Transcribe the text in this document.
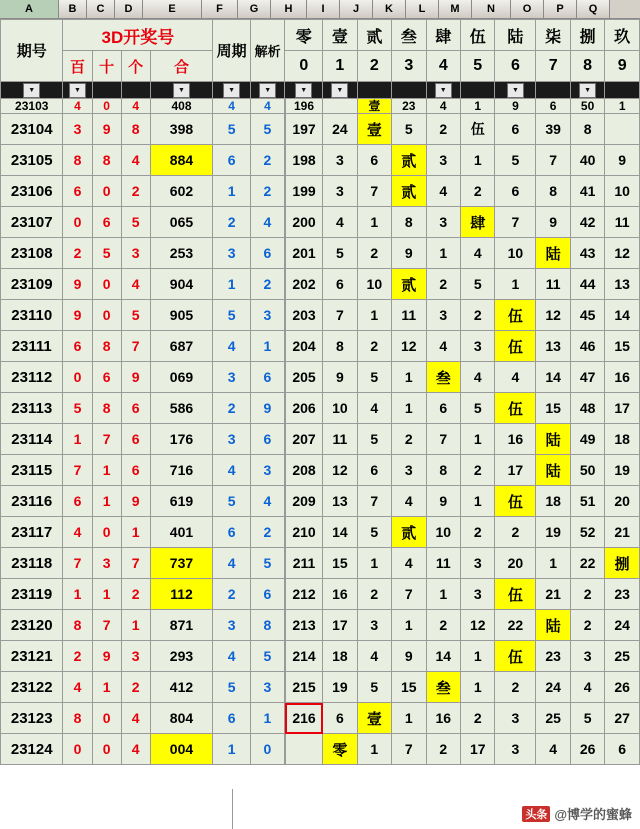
A	B	C	D	E	F	G	H	I	J	K	L	M	N	O	P	Q
期号	3D开奖号				周期	解析	零	壹	贰	叁	肆	伍	陆	柒	捌	玖
	百	十	个	合			0	1	2	3	4	5	6	7	8	9

▼	▼			▼	▼	▼	▼	▼			▼		▼		▼	

23103	4	0	4	408	4	4	196		壹	23	4	1	9	6	50	1
23104	3	9	8	398	5	5	197	24	壹	5	2	伍	6	39	8	
23105	8	8	4	884	6	2	198	3	6	贰	3	1	5	7	40	9
23106	6	0	2	602	1	2	199	3	7	贰	4	2	6	8	41	10
23107	0	6	5	065	2	4	200	4	1	8	3	肆	7	9	42	11
23108	2	5	3	253	3	6	201	5	2	9	1	4	10	陆	43	12
23109	9	0	4	904	1	2	202	6	10	贰	2	5	1	11	44	13
23110	9	0	5	905	5	3	203	7	1	11	3	2	伍	12	45	14
23111	6	8	7	687	4	1	204	8	2	12	4	3	伍	13	46	15
23112	0	6	9	069	3	6	205	9	5	1	叁	4	4	14	47	16
23113	5	8	6	586	2	9	206	10	4	1	6	5	伍	15	48	17
23114	1	7	6	176	3	6	207	11	5	2	7	1	16	陆	49	18
23115	7	1	6	716	4	3	208	12	6	3	8	2	17	陆	50	19
23116	6	1	9	619	5	4	209	13	7	4	9	1	伍	18	51	20
23117	4	0	1	401	6	2	210	14	5	贰	10	2	2	19	52	21
23118	7	3	7	737	4	5	211	15	1	4	11	3	20	1	22	捌
23119	1	1	2	112	2	6	212	16	2	7	1	3	伍	21	2	23
23120	8	7	1	871	3	8	213	17	3	1	2	12	22	陆	2	24
23121	2	9	3	293	4	5	214	18	4	9	14	1	伍	23	3	25
23122	4	1	2	412	5	3	215	19	5	15	叁	1	2	24	4	26
23123	8	0	4	804	6	1	216	6	壹	1	16	2	3	25	5	27
23124	0	0	4	004	1	0		零	1	7	2	17	3	4	26	6
头条 @博学的蜜蜂
